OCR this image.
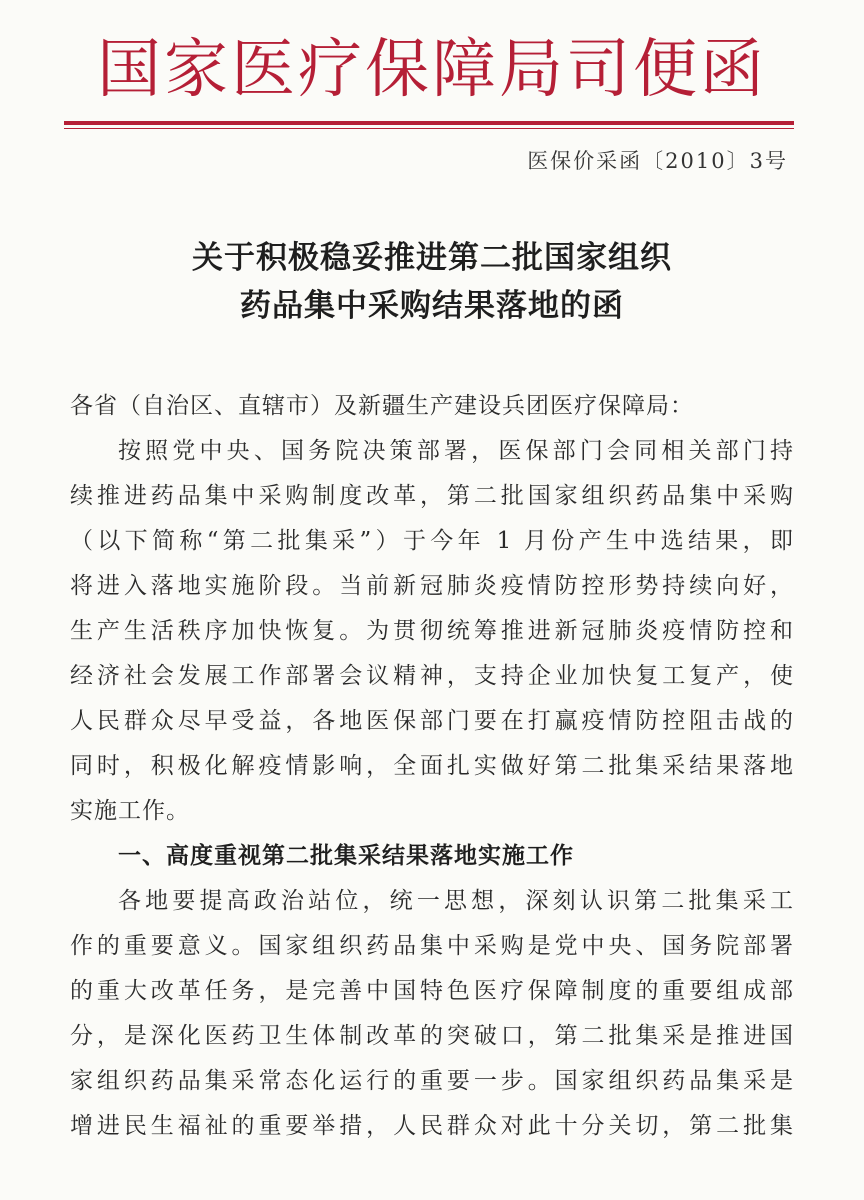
国家医疗保障局司便函
医保价采函〔2010〕3号
关于积极稳妥推进第二批国家组织
药品集中采购结果落地的函
各省（自治区、直辖市）及新疆生产建设兵团医疗保障局：
按照党中央、国务院决策部署，医保部门会同相关部门持
续推进药品集中采购制度改革，第二批国家组织药品集中采购
（以下简称“第二批集采”）于今年 1 月份产生中选结果，即
将进入落地实施阶段。当前新冠肺炎疫情防控形势持续向好，
生产生活秩序加快恢复。为贯彻统筹推进新冠肺炎疫情防控和
经济社会发展工作部署会议精神，支持企业加快复工复产，使
人民群众尽早受益，各地医保部门要在打赢疫情防控阻击战的
同时，积极化解疫情影响，全面扎实做好第二批集采结果落地
实施工作。
一、高度重视第二批集采结果落地实施工作
各地要提高政治站位，统一思想，深刻认识第二批集采工
作的重要意义。国家组织药品集中采购是党中央、国务院部署
的重大改革任务，是完善中国特色医疗保障制度的重要组成部
分，是深化医药卫生体制改革的突破口，第二批集采是推进国
家组织药品集采常态化运行的重要一步。国家组织药品集采是
增进民生福祉的重要举措，人民群众对此十分关切，第二批集
